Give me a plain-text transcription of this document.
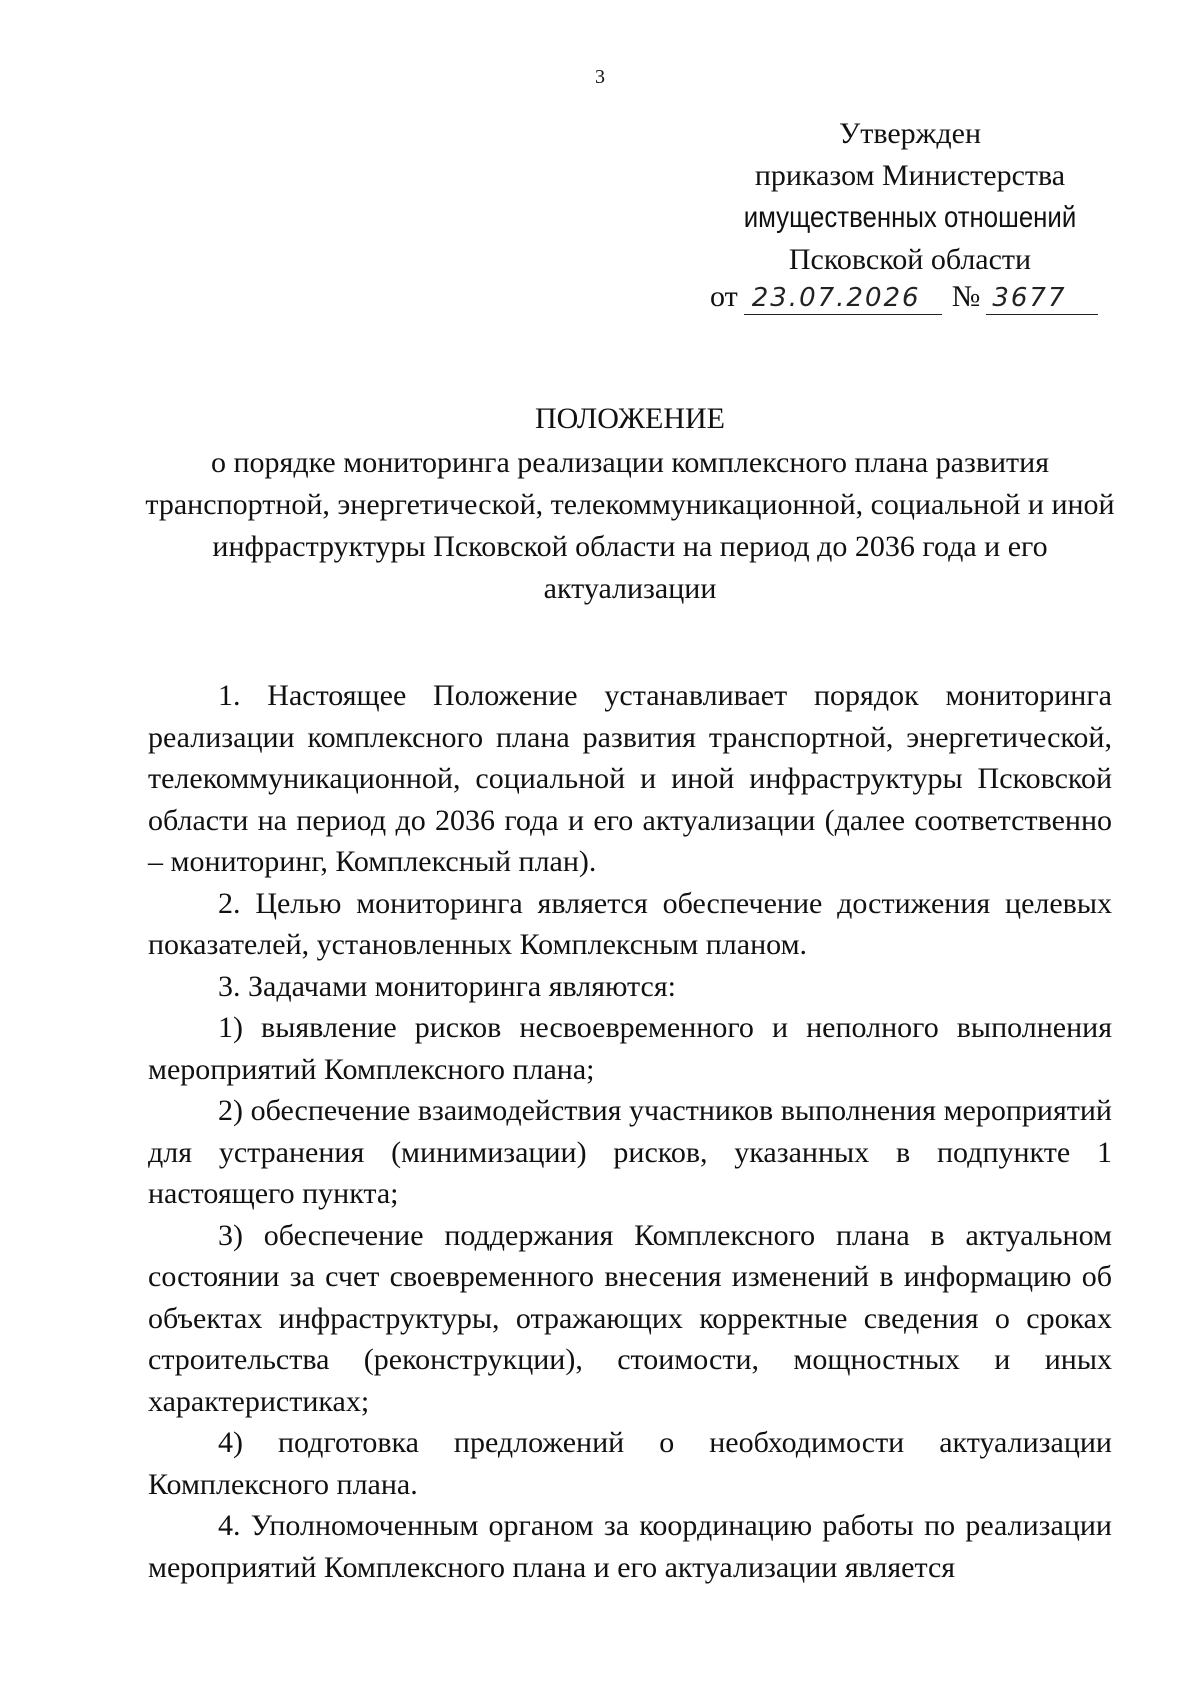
3
Утвержден
приказом Министерства
имущественных отношений
Псковской области
от 23.07.2026 № 3677
ПОЛОЖЕНИЕ
о порядке мониторинга реализации комплексного плана развития транспортной, энергетической, телекоммуникационной, социальной и иной инфраструктуры Псковской области на период до 2036 года и его актуализации

1. Настоящее Положение устанавливает порядок мониторинга реализации комплексного плана развития транспортной, энергетической, телекоммуникационной, социальной и иной инфраструктуры Псковской области на период до 2036 года и его актуализации (далее соответственно – мониторинг, Комплексный план).

2. Целью мониторинга является обеспечение достижения целевых показателей, установленных Комплексным планом.

3. Задачами мониторинга являются:

1) выявление рисков несвоевременного и неполного выполнения мероприятий Комплексного плана;

2) обеспечение взаимодействия участников выполнения мероприятий для устранения (минимизации) рисков, указанных в подпункте 1 настоящего пункта;

3) обеспечение поддержания Комплексного плана в актуальном состоянии за счет своевременного внесения изменений в информацию об объектах инфраструктуры, отражающих корректные сведения о сроках строительства (реконструкции), стоимости, мощностных и иных характеристиках;

4) подготовка предложений о необходимости актуализации Комплексного плана.

4. Уполномоченным органом за координацию работы по реализации мероприятий Комплексного плана и его актуализации является
